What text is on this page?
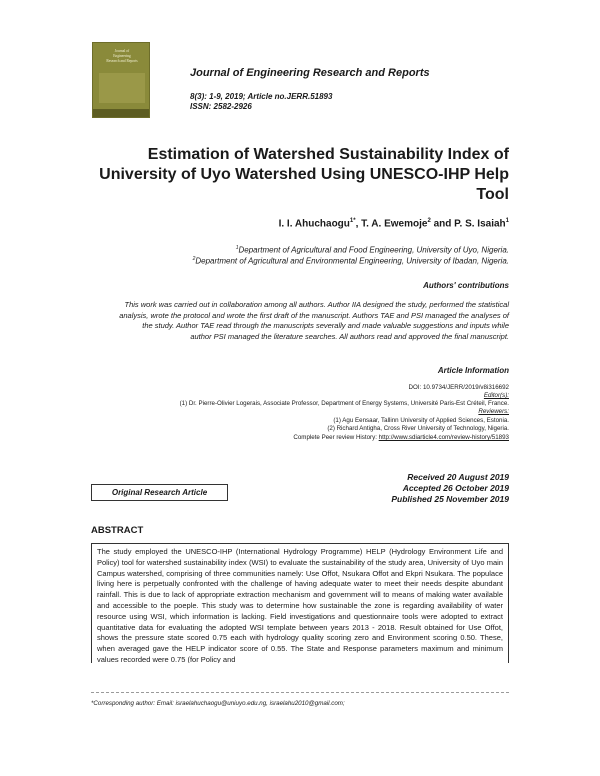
Journal of
Engineering
Research and Reports
Journal of Engineering Research and Reports
8(3): 1-9, 2019; Article no.JERR.51893
ISSN: 2582-2926
Estimation of Watershed Sustainability Index of University of Uyo Watershed Using UNESCO-IHP Help Tool
I. I. Ahuchaogu$^{1*}$, T. A. Ewemoje$^2$ and P. S. Isaiah$^1$
$^1$Department of Agricultural and Food Engineering, University of Uyo, Nigeria.
$^2$Department of Agricultural and Environmental Engineering, University of Ibadan, Nigeria.
Authors' contributions
This work was carried out in collaboration among all authors. Author IIA designed the study, performed the statistical analysis, wrote the protocol and wrote the first draft of the manuscript. Authors TAE and PSI managed the analyses of the study. Author TAE read through the manuscripts severally and made valuable suggestions and inputs while author PSI managed the literature searches. All authors read and approved the final manuscript.
Article Information
DOI: 10.9734/JERR/2019/v8i316692
Editor(s):
(1) Dr. Pierre-Olivier Logerais, Associate Professor, Department of Energy Systems, Université Paris-Est Créteil, France.
Reviewers:
(1) Agu Eensaar, Tallinn University of Applied Sciences, Estonia.
(2) Richard Antigha, Cross River University of Technology, Nigeria.
Complete Peer review History: http://www.sdiarticle4.com/review-history/51893
Received 20 August 2019
Accepted 26 October 2019
Published 25 November 2019
Original Research Article
ABSTRACT

The study employed the UNESCO-IHP (International Hydrology Programme) HELP (Hydrology Environment Life and Policy) tool for watershed sustainability index (WSI) to evaluate the sustainability of the study area, University of Uyo main Campus watershed, comprising of three communities namely: Use Offot, Nsukara Offot and Ekpri Nsukara. The populace living here is perpetually confronted with the challenge of having adequate water to meet their needs despite abundant rainfall. This is due to lack of appropriate extraction mechanism and government will to means of making water available and accessible to the poeple. This study was to determine how sustainable the zone is regarding availability of water resource using WSI, which information is lacking. Field investigations and questionnaire tools were adopted to extract quantitative data for evaluating the adopted WSI template between years 2013 - 2018. Result obtained for Use Offot, shows the pressure state scored 0.75 each with hydrology quality scoring zero and Environment scoring 0.50. These, when averaged gave the HELP indicator score of 0.55. The State and Response parameters maximum and minimum values recorded were 0.75 (for Policy and

*Corresponding author: Email: israelahuchaogu@uniuyo.edu.ng, israelahu2010@gmail.com;
